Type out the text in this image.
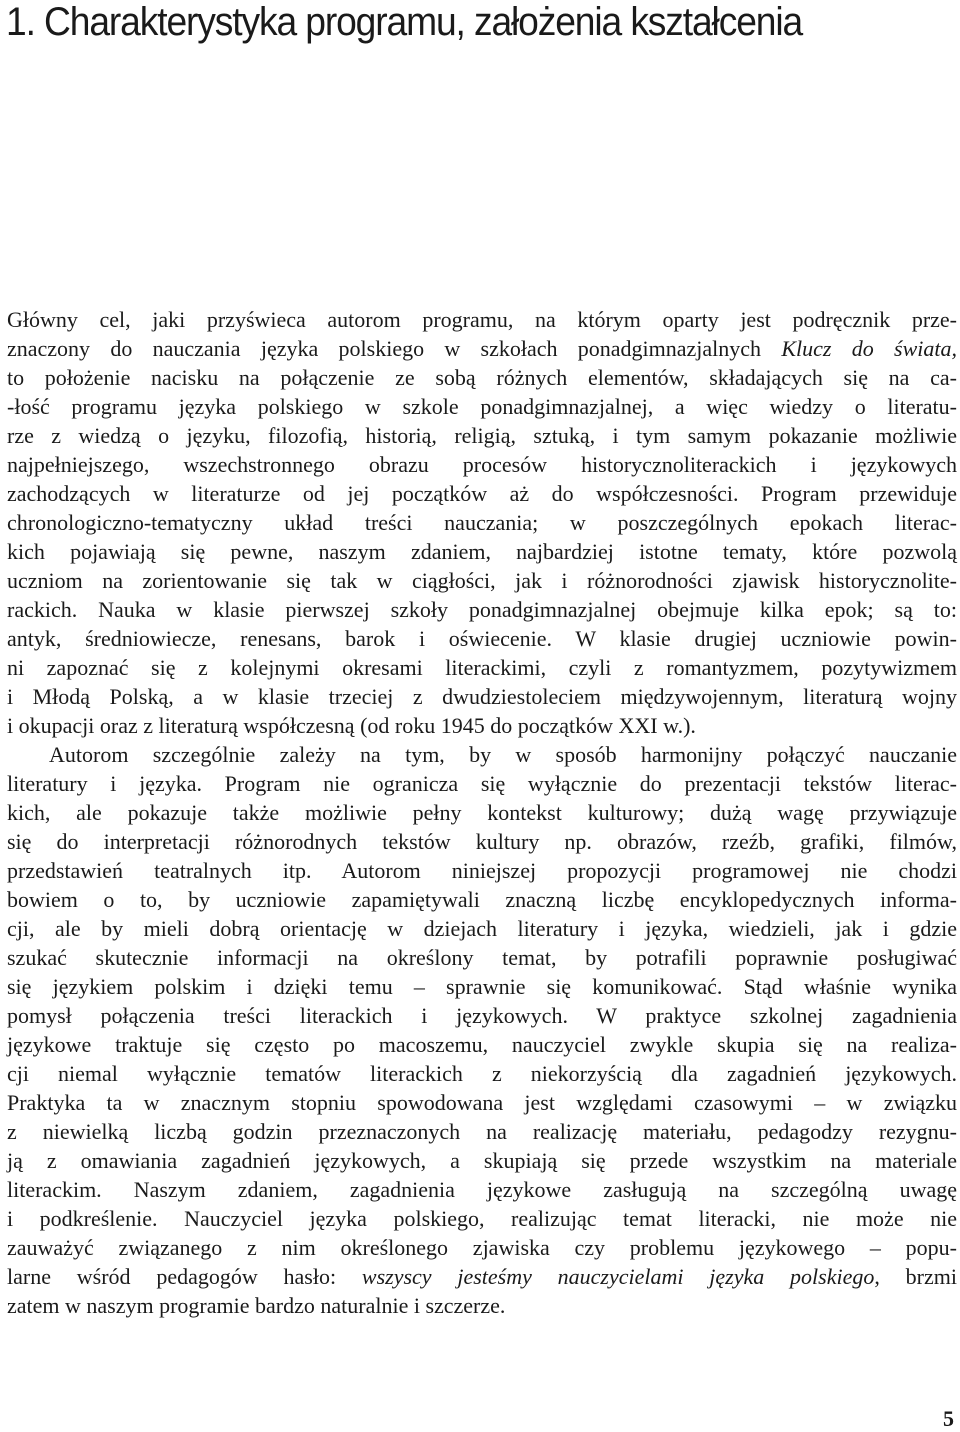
1. Charakterystyka programu, założenia kształcenia
Główny cel, jaki przyświeca autorom programu, na którym oparty jest podręcznik prze-
znaczony do nauczania języka polskiego w szkołach ponadgimnazjalnych Klucz do świata,
to położenie nacisku na połączenie ze sobą różnych elementów, składających się na ca-
-łość programu języka polskiego w szkole ponadgimnazjalnej, a więc wiedzy o literatu-
rze z wiedzą o języku, filozofią, historią, religią, sztuką, i tym samym pokazanie możliwie
najpełniejszego, wszechstronnego obrazu procesów historycznoliterackich i językowych
zachodzących w literaturze od jej początków aż do współczesności. Program przewiduje
chronologiczno-tematyczny układ treści nauczania; w poszczególnych epokach literac-
kich pojawiają się pewne, naszym zdaniem, najbardziej istotne tematy, które pozwolą
uczniom na zorientowanie się tak w ciągłości, jak i różnorodności zjawisk historycznolite-
rackich. Nauka w klasie pierwszej szkoły ponadgimnazjalnej obejmuje kilka epok; są to:
antyk, średniowiecze, renesans, barok i oświecenie. W klasie drugiej uczniowie powin-
ni zapoznać się z kolejnymi okresami literackimi, czyli z romantyzmem, pozytywizmem
i Młodą Polską, a w klasie trzeciej z dwudziestoleciem międzywojennym, literaturą wojny
i okupacji oraz z literaturą współczesną (od roku 1945 do początków XXI w.).
Autorom szczególnie zależy na tym, by w sposób harmonijny połączyć nauczanie
literatury i języka. Program nie ogranicza się wyłącznie do prezentacji tekstów literac-
kich, ale pokazuje także możliwie pełny kontekst kulturowy; dużą wagę przywiązuje
się do interpretacji różnorodnych tekstów kultury np. obrazów, rzeźb, grafiki, filmów,
przedstawień teatralnych itp. Autorom niniejszej propozycji programowej nie chodzi
bowiem o to, by uczniowie zapamiętywali znaczną liczbę encyklopedycznych informa-
cji, ale by mieli dobrą orientację w dziejach literatury i języka, wiedzieli, jak i gdzie
szukać skutecznie informacji na określony temat, by potrafili poprawnie posługiwać
się językiem polskim i dzięki temu – sprawnie się komunikować. Stąd właśnie wynika
pomysł połączenia treści literackich i językowych. W praktyce szkolnej zagadnienia
językowe traktuje się często po macoszemu, nauczyciel zwykle skupia się na realiza-
cji niemal wyłącznie tematów literackich z niekorzyścią dla zagadnień językowych.
Praktyka ta w znacznym stopniu spowodowana jest względami czasowymi – w związku
z niewielką liczbą godzin przeznaczonych na realizację materiału, pedagodzy rezygnu-
ją z omawiania zagadnień językowych, a skupiają się przede wszystkim na materiale
literackim. Naszym zdaniem, zagadnienia językowe zasługują na szczególną uwagę
i podkreślenie. Nauczyciel języka polskiego, realizując temat literacki, nie może nie
zauważyć związanego z nim określonego zjawiska czy problemu językowego – popu-
larne wśród pedagogów hasło: wszyscy jesteśmy nauczycielami języka polskiego, brzmi
zatem w naszym programie bardzo naturalnie i szczerze.
5
